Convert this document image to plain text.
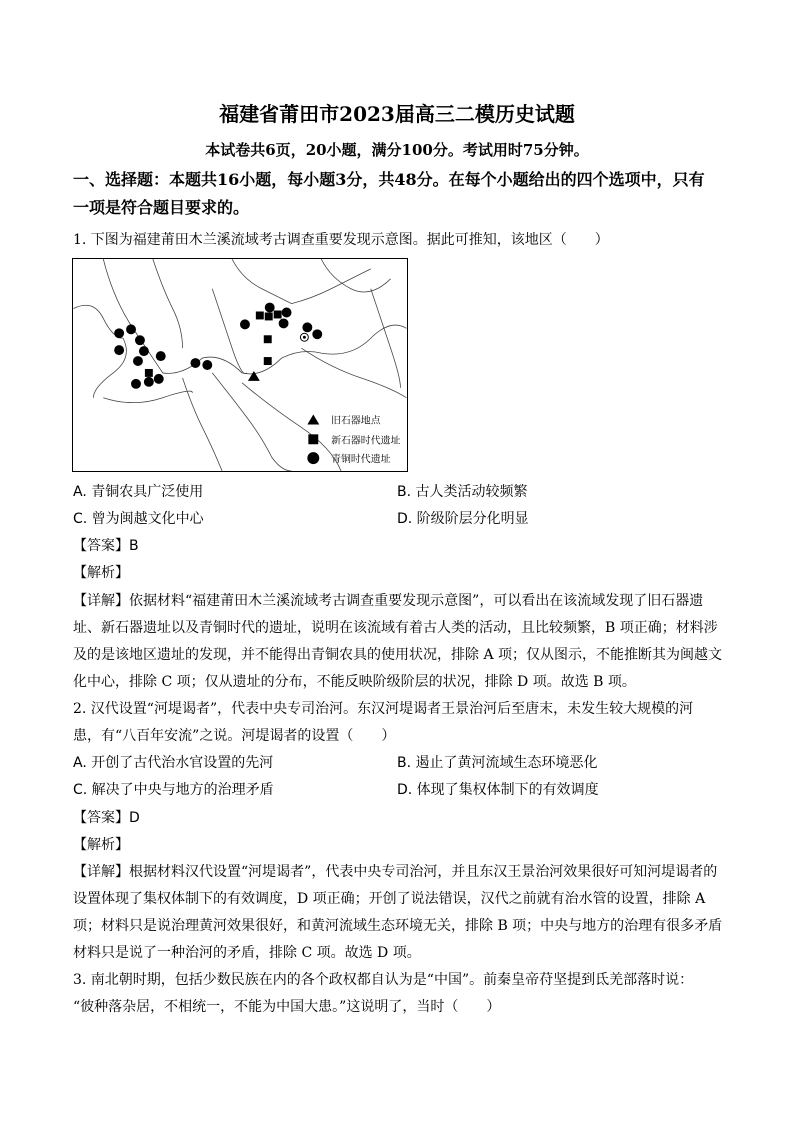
福建省莆田市2023届高三二模历史试题
本试卷共6页，20小题，满分100分。考试用时75分钟。
一、选择题：本题共16小题，每小题3分，共48分。在每个小题给出的四个选项中，只有
一项是符合题目要求的。
1. 下图为福建莆田木兰溪流域考古调查重要发现示意图。据此可推知，该地区（　　）
旧石器地点
新石器时代遗址
青铜时代遗址
A. 青铜农具广泛使用	B. 古人类活动较频繁
C. 曾为闽越文化中心	D. 阶级阶层分化明显
【答案】B
【解析】
【详解】依据材料“福建莆田木兰溪流域考古调查重要发现示意图”，可以看出在该流域发现了旧石器遗
址、新石器遗址以及青铜时代的遗址，说明在该流域有着古人类的活动，且比较频繁，B 项正确；材料涉
及的是该地区遗址的发现，并不能得出青铜农具的使用状况，排除 A 项；仅从图示，不能推断其为闽越文
化中心，排除 C 项；仅从遗址的分布，不能反映阶级阶层的状况，排除 D 项。故选 B 项。
2. 汉代设置“河堤谒者”，代表中央专司治河。东汉河堤谒者王景治河后至唐末，未发生较大规模的河
患，有“八百年安流”之说。河堤谒者的设置（　　）
A. 开创了古代治水官设置的先河	B. 遏止了黄河流域生态环境恶化
C. 解决了中央与地方的治理矛盾	D. 体现了集权体制下的有效调度
【答案】D
【解析】
【详解】根据材料汉代设置“河堤谒者”，代表中央专司治河，并且东汉王景治河效果很好可知河堤谒者的
设置体现了集权体制下的有效调度，D 项正确；开创了说法错误，汉代之前就有治水管的设置，排除 A
项；材料只是说治理黄河效果很好，和黄河流域生态环境无关，排除 B 项；中央与地方的治理有很多矛盾
材料只是说了一种治河的矛盾，排除 C 项。故选 D 项。
3. 南北朝时期，包括少数民族在内的各个政权都自认为是“中国”。前秦皇帝苻坚提到氐羌部落时说：
“彼种落杂居，不相统一，不能为中国大患。”这说明了，当时（　　）
